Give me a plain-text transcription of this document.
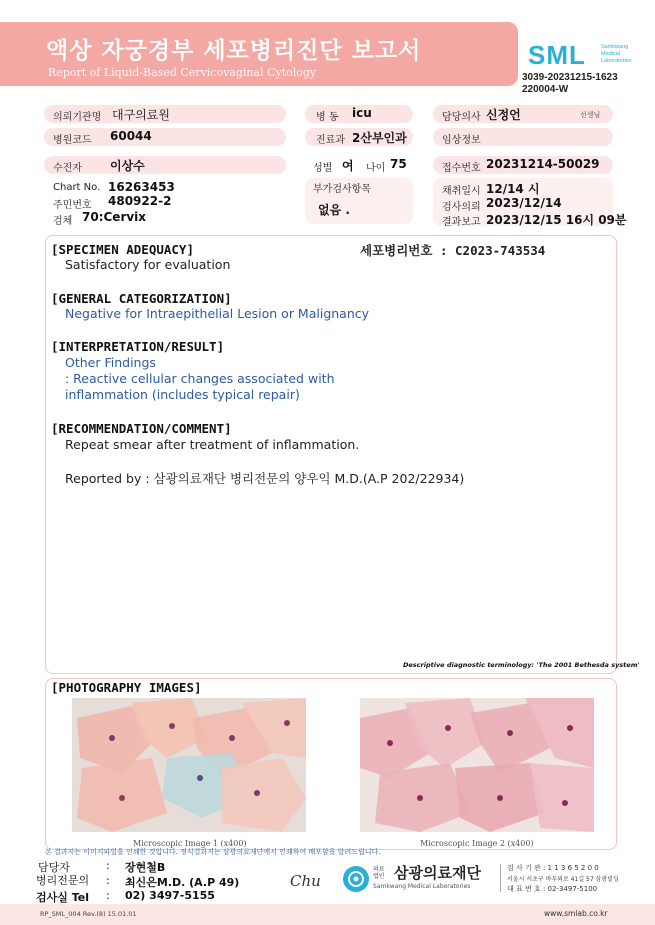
액상 자궁경부 세포병리진단 보고서
Report of Liquid-Based Cervicovaginal Cytology
SML	Samkwang
Medical
Laboratories
3039-20231215-1623
220004-W
의뢰기관명 대구의료원	병 동 icu	담당의사 신정언	선생님
병원코드 60044	진료과 2산부인과	임상정보
수진자 이상수	성별 여 나이 75	접수번호 20231214-50029
Chart No. 16263453
주민번호 480922-2
검체 70:Cervix
부가검사항목
없음 .
채취일시 12/14 시
검사의뢰 2023/12/14
결과보고 2023/12/15 16시 09분
[SPECIMEN ADEQUACY]	세포병리번호 : C2023-743534
Satisfactory for evaluation
[GENERAL CATEGORIZATION]
Negative for Intraepithelial Lesion or Malignancy
[INTERPRETATION/RESULT]
Other Findings
: Reactive cellular changes associated with
inflammation (includes typical repair)
[RECOMMENDATION/COMMENT]
Repeat smear after treatment of inflammation.
Reported by : 삼광의료재단 병리전문의 양우익 M.D.(A.P 202/22934)
Descriptive diagnostic terminology: 'The 2001 Bethesda system'
[PHOTOGRAPHY IMAGES]
Microscopic Image 1 (x400)	Microscopic Image 2 (x400)
본 결과지는 이미지파일을 인쇄한 것입니다. 정식결과지는 삼광의료재단에서 인쇄하여 배포함을 알려드립니다.
담당자	: 장현철B
병리전문의 : 최신은M.D. (A.P 49)
검사실 Tel : 02) 3497-5155
Chu
의료
법인 삼광의료재단
Samkwang Medical Laboratories
검 사 기 관 : 1 1 3 6 5 2 0 0
서울시 서초구 바우뫼로 41길 57 삼광빌딩
대 표 번 호 : 02-3497-5100
RP_SML_004 Rev.(8) 15.01.01	www.smlab.co.kr
